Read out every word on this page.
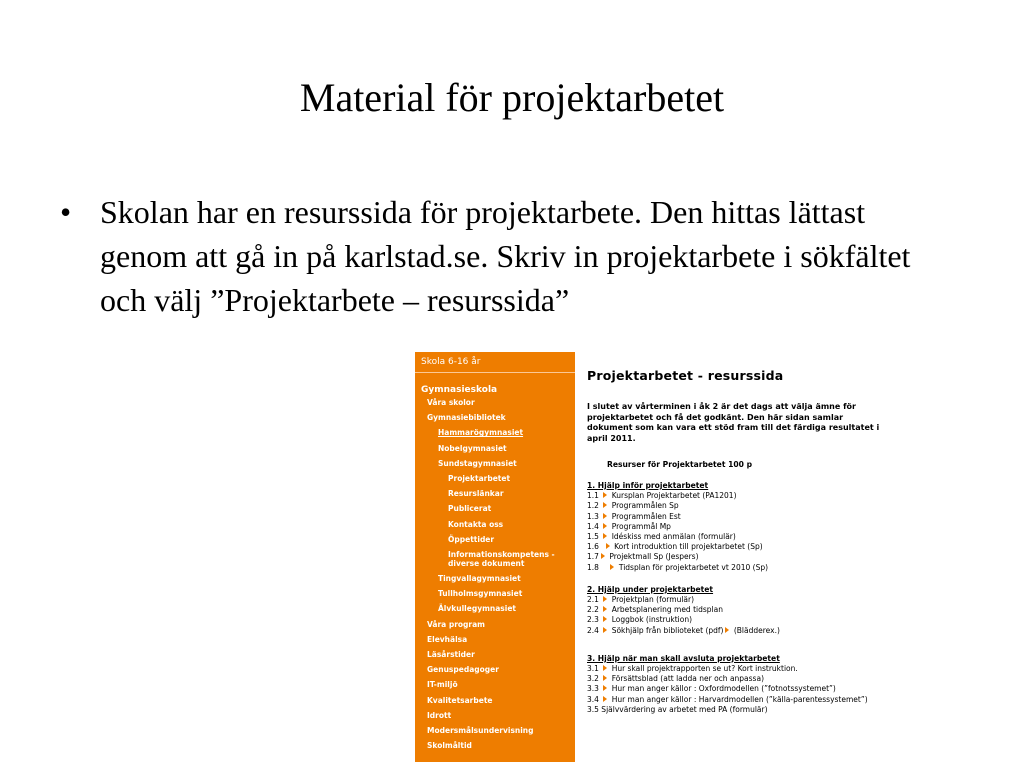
Material för projektarbetet
• Skolan har en resurssida för projektarbete. Den hittas lättast genom att gå in på karlstad.se. Skriv in projektarbete i sökfältet och välj ”Projektarbete – resurssida”
Skola 6-16 år
Gymnasieskola
Våra skolor
Gymnasiebibliotek
Hammarögymnasiet
Nobelgymnasiet
Sundstagymnasiet
Projektarbetet
Resurslänkar
Publicerat
Kontakta oss
Öppettider
Informationskompetens - diverse dokument
Tingvallagymnasiet
Tullholmsgymnasiet
Älvkullegymnasiet
Våra program
Elevhälsa
Läsårstider
Genuspedagoger
IT-miljö
Kvalitetsarbete
Idrott
Modersmålsundervisning
Skolmåltid
Projektarbetet - resurssida
I slutet av vårterminen i åk 2 är det dags att välja ämne för projektarbetet och få det godkänt. Den här sidan samlar dokument som kan vara ett stöd fram till det färdiga resultatet i april 2011.
Resurser för Projektarbetet 100 p
1. Hjälp inför projektarbetet
1.1  Kursplan Projektarbetet (PA1201)
1.2  Programmålen Sp
1.3  Programmålen Est
1.4  Programmål Mp
1.5  Idéskiss med anmälan (formulär)
1.6   Kort introduktion till projektarbetet (Sp)
1.7 Projektmall Sp (Jespers)
1.8     Tidsplan för projektarbetet vt 2010 (Sp)
2. Hjälp under projektarbetet
2.1  Projektplan (formulär)
2.2  Arbetsplanering med tidsplan
2.3  Loggbok (instruktion)
2.4  Sökhjälp från biblioteket (pdf) (Blädderex.)
3. Hjälp när man skall avsluta projektarbetet
3.1  Hur skall projektrapporten se ut? Kort instruktion.
3.2  Försättsblad (att ladda ner och anpassa)
3.3  Hur man anger källor : Oxfordmodellen (”fotnotssystemet”)
3.4  Hur man anger källor : Harvardmodellen (”källa-parentessystemet”)
3.5 Självvärdering av arbetet med PA (formulär)
